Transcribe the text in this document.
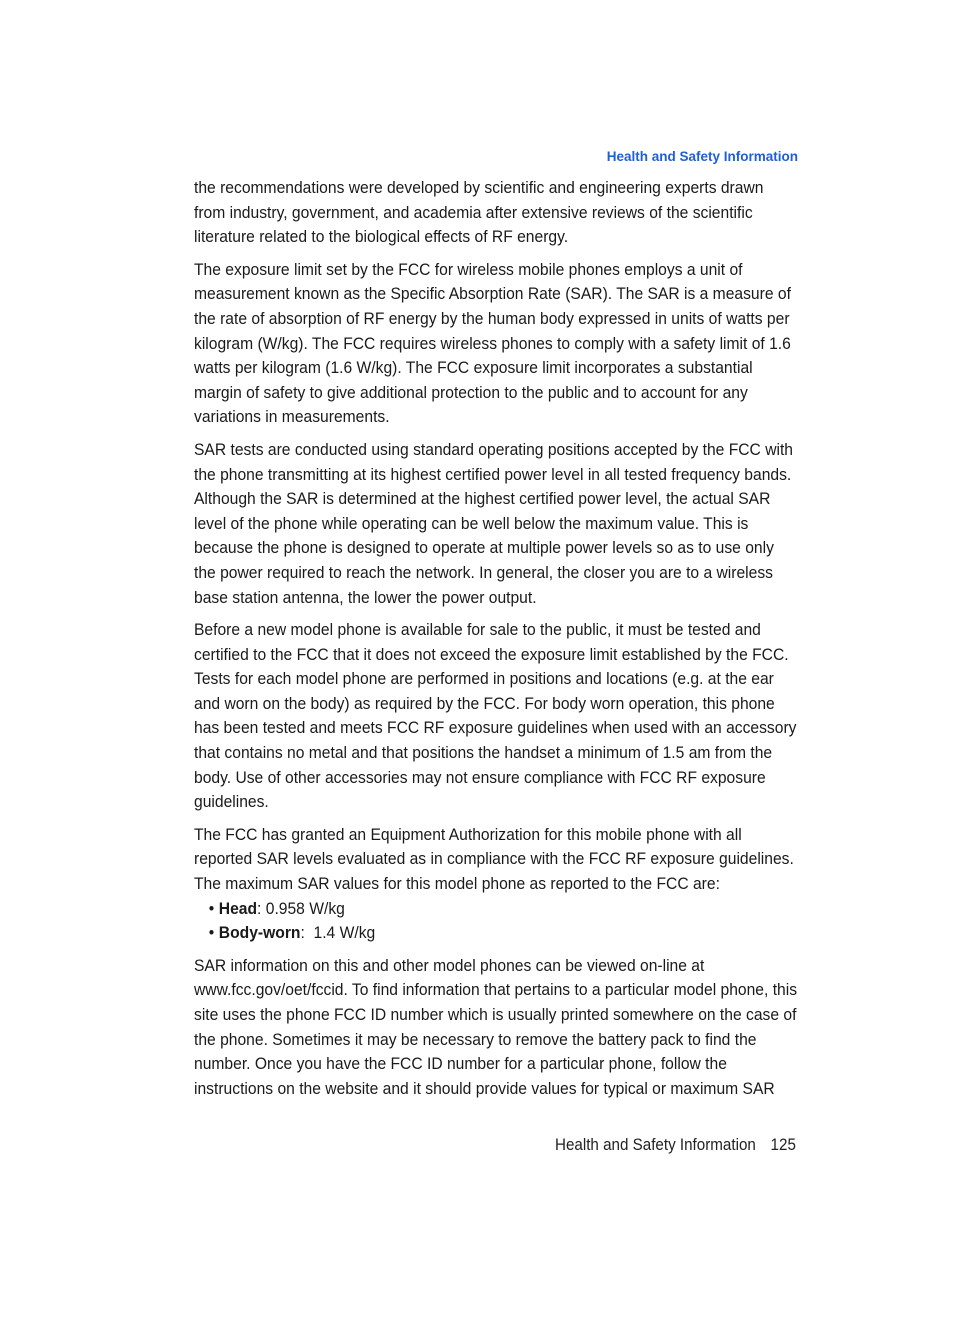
Health and Safety Information

the recommendations were developed by scientific and engineering experts drawn from industry, government, and academia after extensive reviews of the scientific literature related to the biological effects of RF energy.

The exposure limit set by the FCC for wireless mobile phones employs a unit of measurement known as the Specific Absorption Rate (SAR). The SAR is a measure of the rate of absorption of RF energy by the human body expressed in units of watts per kilogram (W/kg). The FCC requires wireless phones to comply with a safety limit of 1.6 watts per kilogram (1.6 W/kg). The FCC exposure limit incorporates a substantial margin of safety to give additional protection to the public and to account for any variations in measurements.

SAR tests are conducted using standard operating positions accepted by the FCC with the phone transmitting at its highest certified power level in all tested frequency bands. Although the SAR is determined at the highest certified power level, the actual SAR level of the phone while operating can be well below the maximum value. This is because the phone is designed to operate at multiple power levels so as to use only the power required to reach the network. In general, the closer you are to a wireless base station antenna, the lower the power output.

Before a new model phone is available for sale to the public, it must be tested and certified to the FCC that it does not exceed the exposure limit established by the FCC. Tests for each model phone are performed in positions and locations (e.g. at the ear and worn on the body) as required by the FCC. For body worn operation, this phone has been tested and meets FCC RF exposure guidelines when used with an accessory that contains no metal and that positions the handset a minimum of 1.5 am from the body. Use of other accessories may not ensure compliance with FCC RF exposure guidelines.

The FCC has granted an Equipment Authorization for this mobile phone with all reported SAR levels evaluated as in compliance with the FCC RF exposure guidelines. The maximum SAR values for this model phone as reported to the FCC are:

• Head: 0.958 W/kg
• Body-worn:  1.4 W/kg

SAR information on this and other model phones can be viewed on-line at www.fcc.gov/oet/fccid. To find information that pertains to a particular model phone, this site uses the phone FCC ID number which is usually printed somewhere on the case of the phone. Sometimes it may be necessary to remove the battery pack to find the number. Once you have the FCC ID number for a particular phone, follow the instructions on the website and it should provide values for typical or maximum SAR

Health and Safety Information 125
